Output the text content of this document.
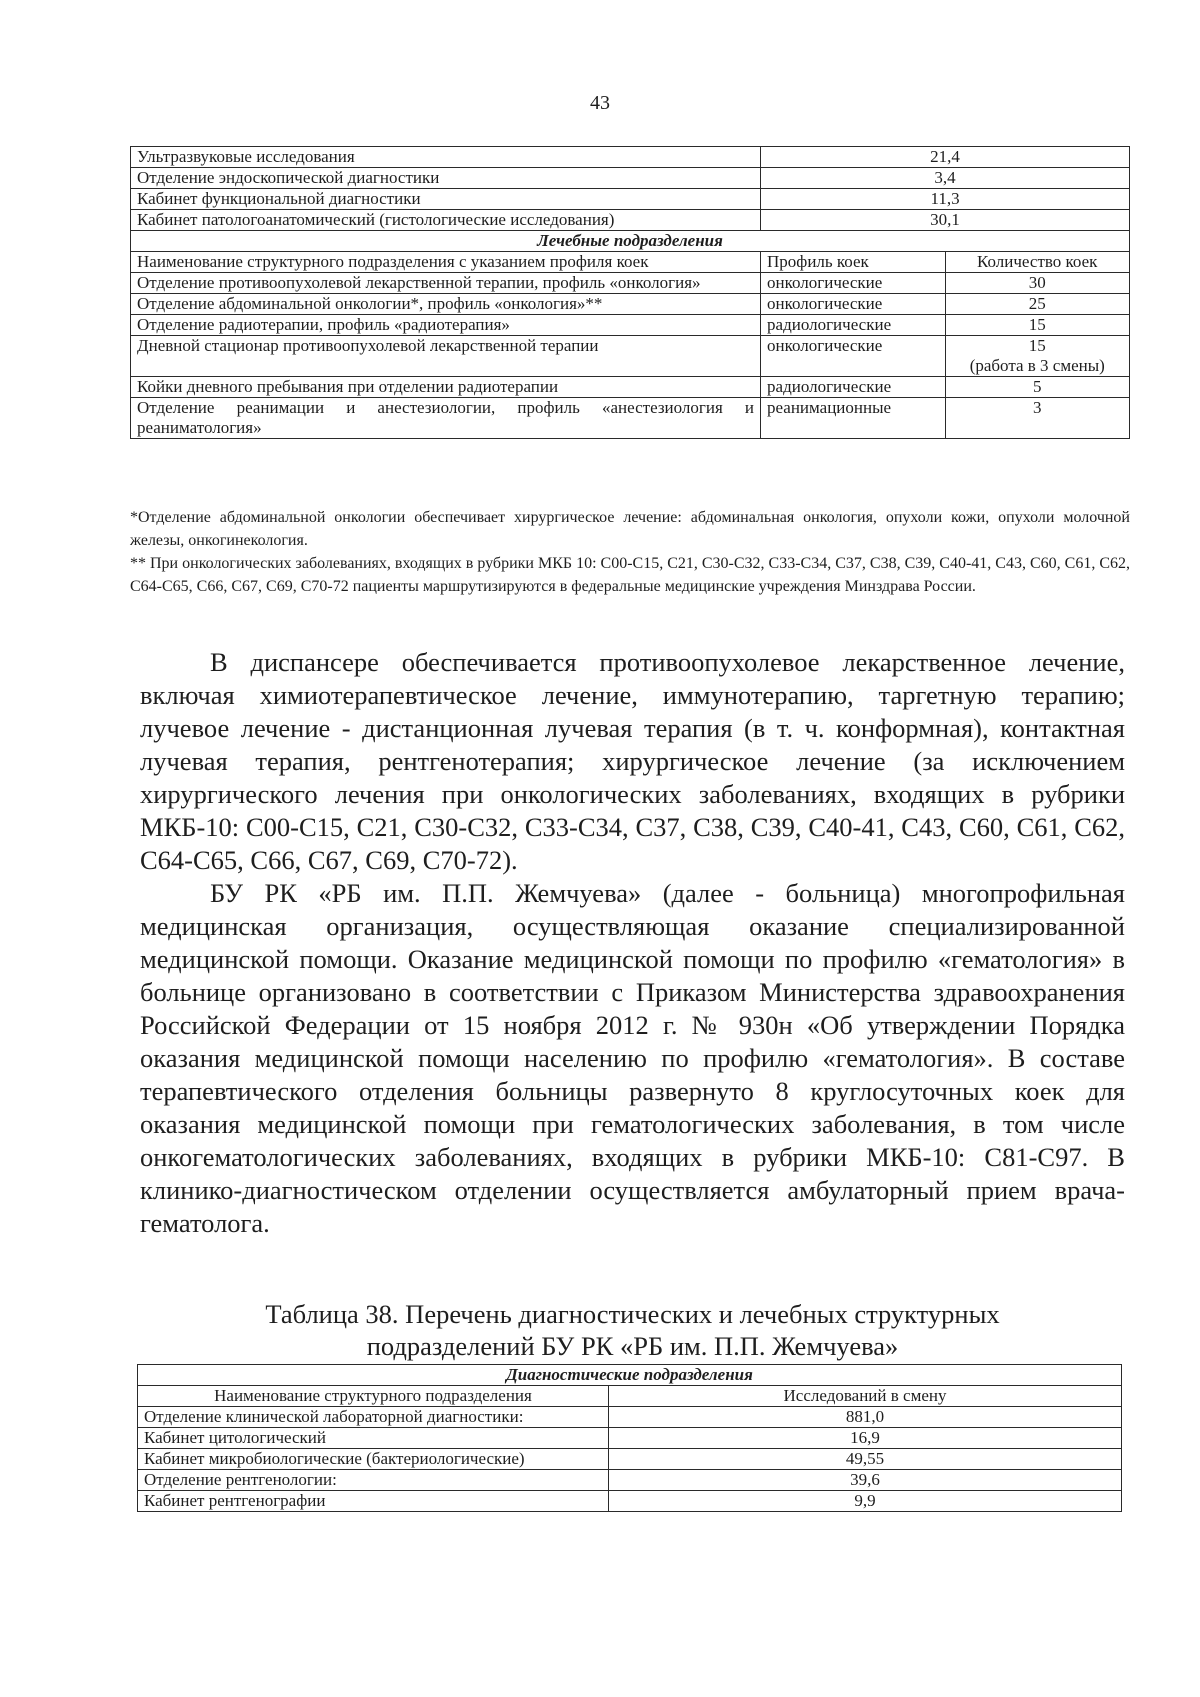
43
Ультразвуковые исследования	21,4	
Отделение эндоскопической диагностики	3,4	
Кабинет функциональной диагностики	11,3	
Кабинет патологоанатомический (гистологические исследования)	30,1	
Лечебные подразделения		
Наименование структурного подразделения с указанием профиля коек	Профиль коек	Количество коек
Отделение противоопухолевой лекарственной терапии, профиль «онкология»	онкологические	30
Отделение абдоминальной онкологии*, профиль «онкология»**	онкологические	25
Отделение радиотерапии, профиль «радиотерапия»	радиологические	15
Дневной стационар противоопухолевой лекарственной терапии	онкологические	15
(работа в 3 смены)

Койки дневного пребывания при отделении радиотерапии	радиологические	5
Отделение реанимации и анестезиологии, профиль «анестезиология и реаниматология»	реанимационные	3

*Отделение абдоминальной онкологии обеспечивает хирургическое лечение: абдоминальная онкология, опухоли кожи, опухоли молочной железы, онкогинекология.

** При онкологических заболеваниях, входящих в рубрики МКБ 10: С00-С15, С21, С30-С32, С33-С34, С37, С38, С39, С40-41, С43, С60, С61, С62, С64-С65, С66, С67, С69, С70-72 пациенты маршрутизируются в федеральные медицинские учреждения Минздрава России.

В диспансере обеспечивается противоопухолевое лекарственное лечение, включая химиотерапевтическое лечение, иммунотерапию, таргетную терапию; лучевое лечение - дистанционная лучевая терапия (в т. ч. конформная), контактная лучевая терапия, рентгенотерапия; хирургическое лечение (за исключением хирургического лечения при онкологических заболеваниях, входящих в рубрики МКБ-10: С00-С15, С21, С30-С32, С33-С34, С37, С38, С39, С40-41, С43, С60, С61, С62, С64-С65, С66, С67, С69, С70-72).

БУ РК «РБ им. П.П. Жемчуева» (далее - больница) многопрофильная медицинская организация, осуществляющая оказание специализированной медицинской помощи. Оказание медицинской помощи по профилю «гематология» в больнице организовано в соответствии с Приказом Министерства здравоохранения Российской Федерации от 15 ноября 2012 г. № 930н «Об утверждении Порядка оказания медицинской помощи населению по профилю «гематология». В составе терапевтического отделения больницы развернуто 8 круглосуточных коек для оказания медицинской помощи при гематологических заболевания, в том числе онкогематологических заболеваниях, входящих в рубрики МКБ-10: С81-С97. В клинико-диагностическом отделении осуществляется амбулаторный прием врача-гематолога.

Таблица 38. Перечень диагностических и лечебных структурных
подразделений БУ РК «РБ им. П.П. Жемчуева»
Диагностические подразделения	
Наименование структурного подразделения	Исследований в смену
Отделение клинической лабораторной диагностики:	881,0
Кабинет цитологический	16,9
Кабинет микробиологические (бактериологические)	49,55
Отделение рентгенологии:	39,6
Кабинет рентгенографии	9,9
